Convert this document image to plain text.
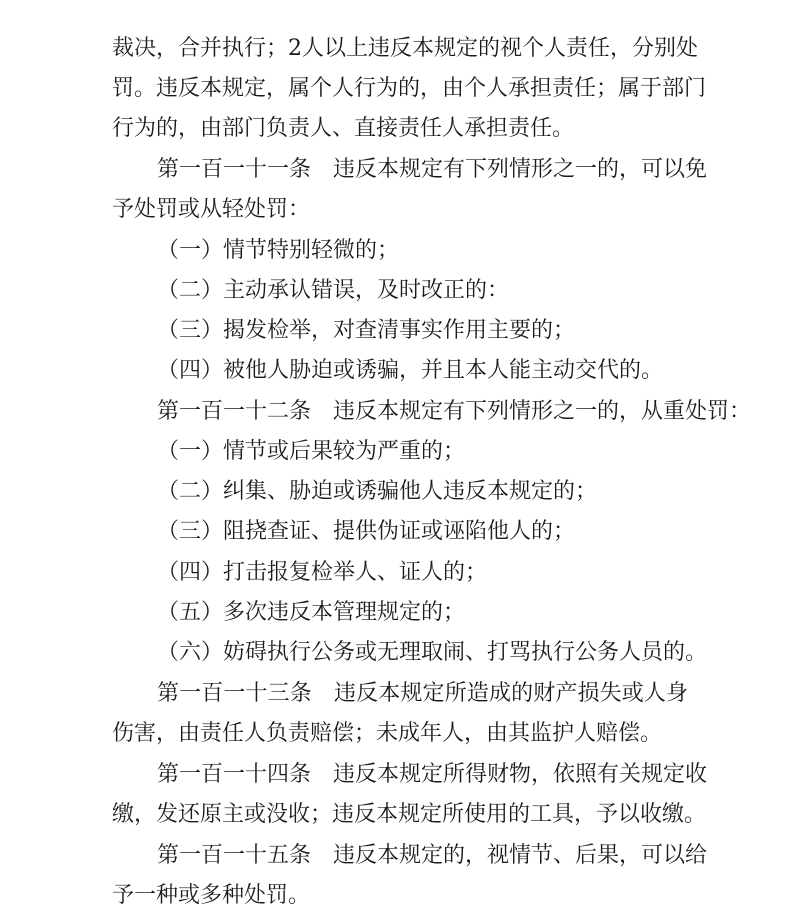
裁决，合并执行；2人以上违反本规定的视个人责任，分别处
罚。违反本规定，属个人行为的，由个人承担责任；属于部门
行为的，由部门负责人、直接责任人承担责任。
第一百一十一条　违反本规定有下列情形之一的，可以免
予处罚或从轻处罚：
（一）情节特别轻微的；
（二）主动承认错误，及时改正的：
（三）揭发检举，对查清事实作用主要的；
（四）被他人胁迫或诱骗，并且本人能主动交代的。
第一百一十二条　违反本规定有下列情形之一的，从重处罚：
（一）情节或后果较为严重的；
（二）纠集、胁迫或诱骗他人违反本规定的；
（三）阻挠查证、提供伪证或诬陷他人的；
（四）打击报复检举人、证人的；
（五）多次违反本管理规定的；
（六）妨碍执行公务或无理取闹、打骂执行公务人员的。
第一百一十三条　违反本规定所造成的财产损失或人身
伤害，由责任人负责赔偿；未成年人，由其监护人赔偿。
第一百一十四条　违反本规定所得财物，依照有关规定收
缴，发还原主或没收；违反本规定所使用的工具，予以收缴。
第一百一十五条　违反本规定的，视情节、后果，可以给
予一种或多种处罚。
